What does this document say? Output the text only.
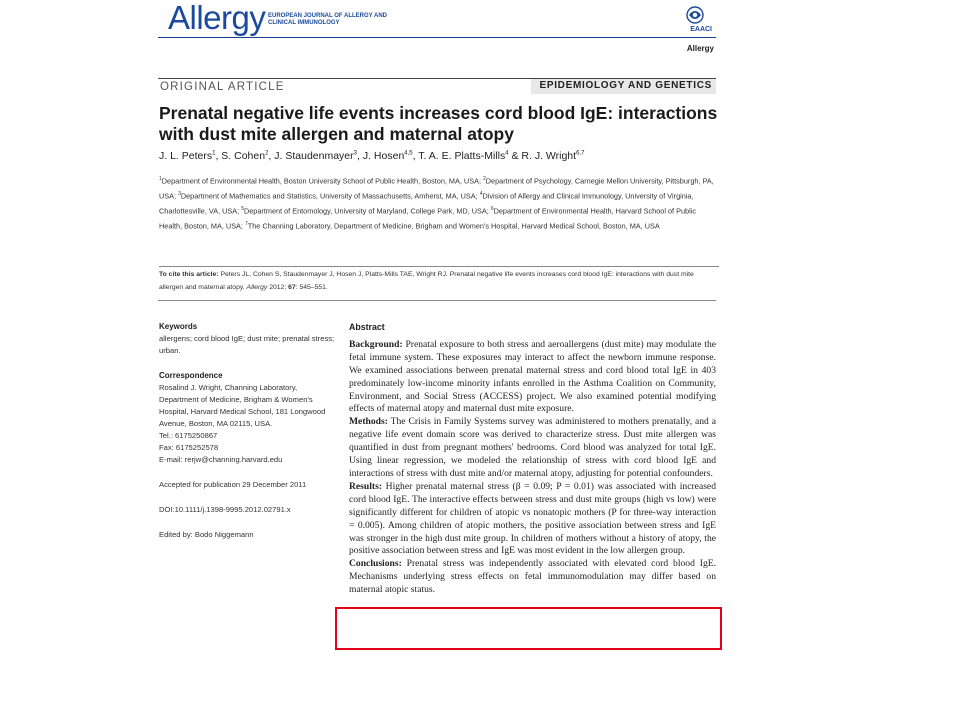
Allergy EUROPEAN JOURNAL OF ALLERGY AND CLINICAL IMMUNOLOGY
EAACI
Allergy
ORIGINAL ARTICLE	EPIDEMIOLOGY AND GENETICS
Prenatal negative life events increases cord blood IgE: interactions with dust mite allergen and maternal atopy
J. L. Peters$^1$, S. Cohen$^2$, J. Staudenmayer$^3$, J. Hosen$^{4,5}$, T. A. E. Platts-Mills$^4$ & R. J. Wright$^{6,7}$
$^1$Department of Environmental Health, Boston University School of Public Health, Boston, MA, USA; $^2$Department of Psychology, Carnegie Mellon University, Pittsburgh, PA, USA; $^3$Department of Mathematics and Statistics, University of Massachusetts, Amherst, MA, USA; $^4$Division of Allergy and Clinical Immunology, University of Virginia, Charlottesville, VA, USA; $^5$Department of Entomology, University of Maryland, College Park, MD, USA; $^6$Department of Environmental Health, Harvard School of Public Health, Boston, MA, USA; $^7$The Channing Laboratory, Department of Medicine, Brigham and Women's Hospital, Harvard Medical School, Boston, MA, USA
To cite this article: Peters JL, Cohen S, Staudenmayer J, Hosen J, Platts-Mills TAE, Wright RJ. Prenatal negative life events increases cord blood IgE: interactions with dust mite allergen and maternal atopy. Allergy 2012; 67: 545–551.
Keywords
allergens; cord blood IgE; dust mite; prenatal stress; urban.
Correspondence
Rosalind J. Wright, Channing Laboratory, Department of Medicine, Brigham & Women's Hospital, Harvard Medical School, 181 Longwood Avenue, Boston, MA 02115, USA.
Tel.: 6175250867
Fax: 6175252578
E-mail: rerjw@channing.harvard.edu
Accepted for publication 29 December 2011
DOI:10.1111/j.1398-9995.2012.02791.x
Edited by: Bodo Niggemann
Abstract

Background: Prenatal exposure to both stress and aeroallergens (dust mite) may modulate the fetal immune system. These exposures may interact to affect the newborn immune response. We examined associations between prenatal maternal stress and cord blood total IgE in 403 predominately low-income minority infants enrolled in the Asthma Coalition on Community, Environment, and Social Stress (ACCESS) project. We also examined potential modifying effects of maternal atopy and maternal dust mite exposure.

Methods: The Crisis in Family Systems survey was administered to mothers prenatally, and a negative life event domain score was derived to characterize stress. Dust mite allergen was quantified in dust from pregnant mothers' bedrooms. Cord blood was analyzed for total IgE. Using linear regression, we modeled the relationship of stress with cord blood IgE and interactions of stress with dust mite and/or maternal atopy, adjusting for potential confounders.

Results: Higher prenatal maternal stress (β = 0.09; P = 0.01) was associated with increased cord blood IgE. The interactive effects between stress and dust mite groups (high vs low) were significantly different for children of atopic vs nonatopic mothers (P for three-way interaction = 0.005). Among children of atopic mothers, the positive association between stress and IgE was stronger in the high dust mite group. In children of mothers without a history of atopy, the positive association between stress and IgE was most evident in the low allergen group.

Conclusions: Prenatal stress was independently associated with elevated cord blood IgE. Mechanisms underlying stress effects on fetal immunomodulation may differ based on maternal atopic status.
